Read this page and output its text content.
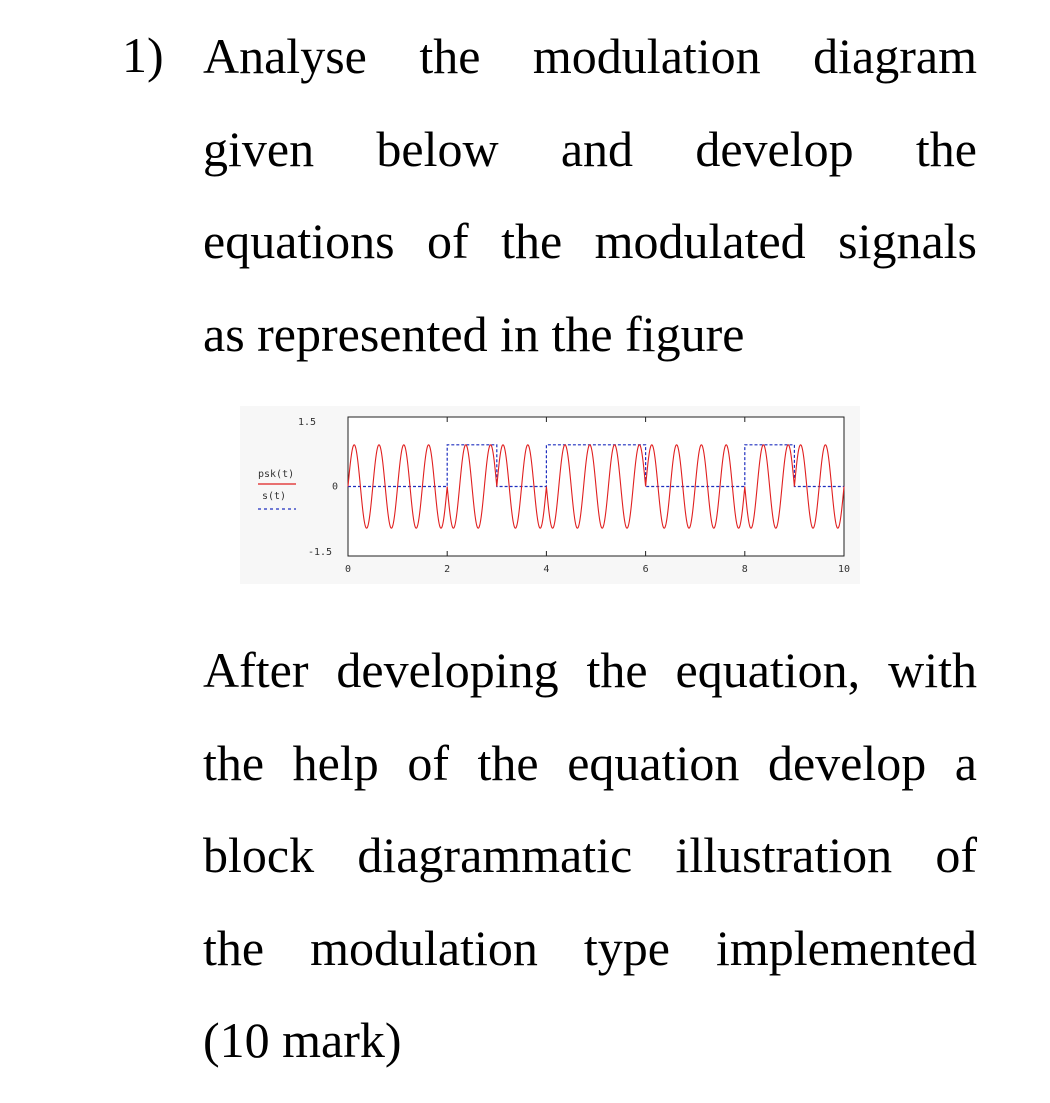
1) Analyse the modulation diagram
given below and develop the
equations of the modulated signals
as represented in the figure
psk(t)
s(t)
0	2	4	6	8	10
1.5
0
-1.5
After developing the equation, with
the help of the equation develop a
block diagrammatic illustration of
the modulation type implemented
(10 mark)
